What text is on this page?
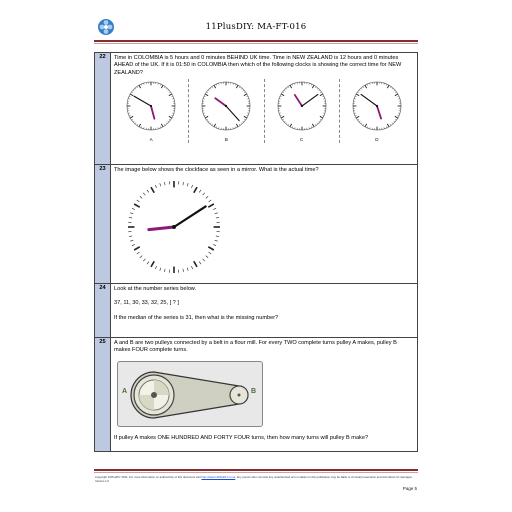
11PlusDIY: MA-FT-016
22	Time in COLOMBIA is 5 hours and 0 minutes BEHIND UK time. Time in NEW ZEALAND is 12 hours and 0 minutes AHEAD of the UK. If it is 01:50 in COLOMBIA then which of the following clocks is showing the correct time for NEW ZEALAND?
A B C D

23	The image below shows the clockface as seen in a mirror. What is the actual time?

24	Look at the number series below.
37, 11, 30, 33, 32, 25, [ ? ]
If the median of the series is 31, then what is the missing number?

25	A and B are two pulleys connected by a belt in a flour mill. For every TWO complete turns pulley A makes, pulley B makes FOUR complete turns.
A B
If pulley A makes ONE HUNDRED AND FORTY FOUR turns, then how many turns will pulley B make?
Copyright 11PlusDIY 2011. For more information on authenticity of this document visit http://www.11PlusDIY.co.uk. Any person who commits any unauthorised act in relation to this publication may be liable to criminal prosecution and civil claims for damages.
Version 1.0
Page 5
